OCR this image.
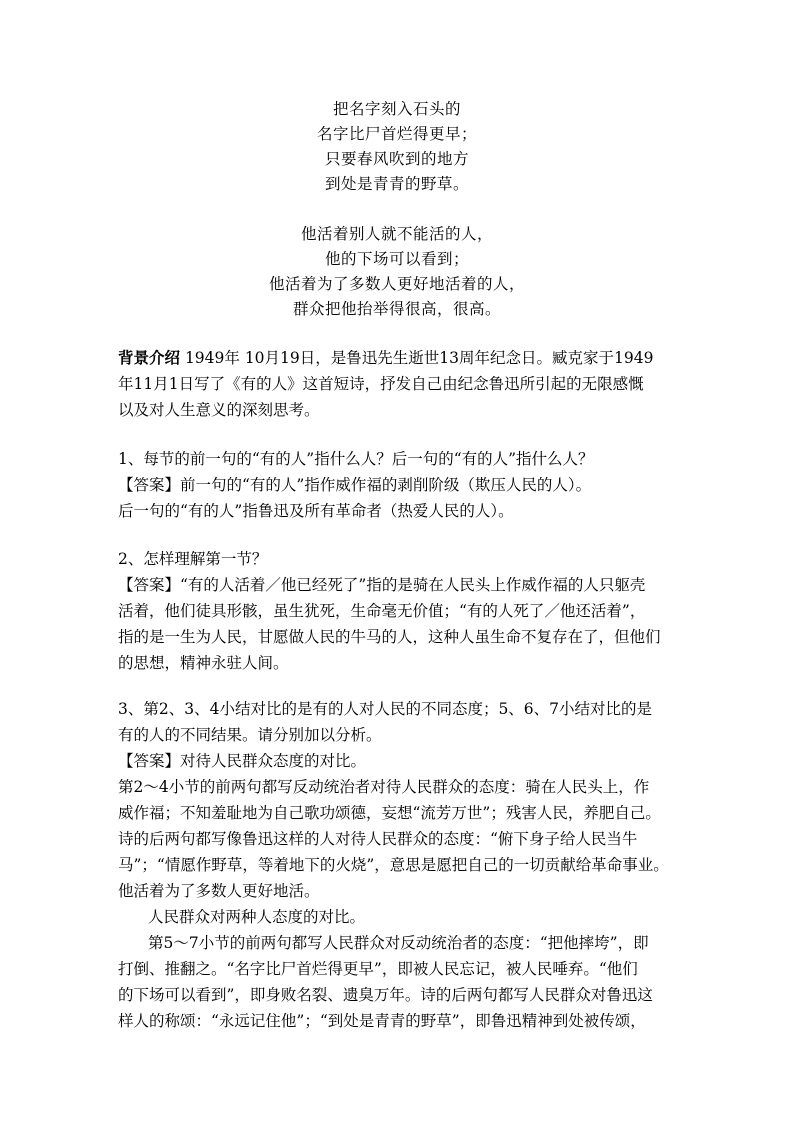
把名字刻入石头的
名字比尸首烂得更早；
只要春风吹到的地方
到处是青青的野草。
他活着别人就不能活的人，
他的下场可以看到；
他活着为了多数人更好地活着的人，
群众把他抬举得很高，很高。
背景介绍 1949年 10月19日，是鲁迅先生逝世13周年纪念日。臧克家于1949
年11月1日写了《有的人》这首短诗，抒发自己由纪念鲁迅所引起的无限感慨
以及对人生意义的深刻思考。
1、每节的前一句的“有的人”指什么人？后一句的“有的人”指什么人？
【答案】前一句的“有的人”指作威作福的剥削阶级（欺压人民的人）。
后一句的“有的人”指鲁迅及所有革命者（热爱人民的人）。
2、怎样理解第一节？
【答案】“有的人活着／他已经死了”指的是骑在人民头上作威作福的人只躯壳
活着，他们徒具形骸，虽生犹死，生命毫无价值；“有的人死了／他还活着”，
指的是一生为人民，甘愿做人民的牛马的人，这种人虽生命不复存在了，但他们
的思想，精神永驻人间。
3、第2、3、4小结对比的是有的人对人民的不同态度；5、6、7小结对比的是
有的人的不同结果。请分别加以分析。
【答案】对待人民群众态度的对比。
第2～4小节的前两句都写反动统治者对待人民群众的态度：骑在人民头上，作
威作福；不知羞耻地为自己歌功颂德，妄想“流芳万世”；残害人民，养肥自己。
诗的后两句都写像鲁迅这样的人对待人民群众的态度：“俯下身子给人民当牛
马”；“情愿作野草，等着地下的火烧”，意思是愿把自己的一切贡献给革命事业。
他活着为了多数人更好地活。
人民群众对两种人态度的对比。
第5～7小节的前两句都写人民群众对反动统治者的态度：“把他摔垮”，即
打倒、推翻之。“名字比尸首烂得更早”，即被人民忘记，被人民唾弃。“他们
的下场可以看到”，即身败名裂、遗臭万年。诗的后两句都写人民群众对鲁迅这
样人的称颂：“永远记住他”；“到处是青青的野草”，即鲁迅精神到处被传颂，
